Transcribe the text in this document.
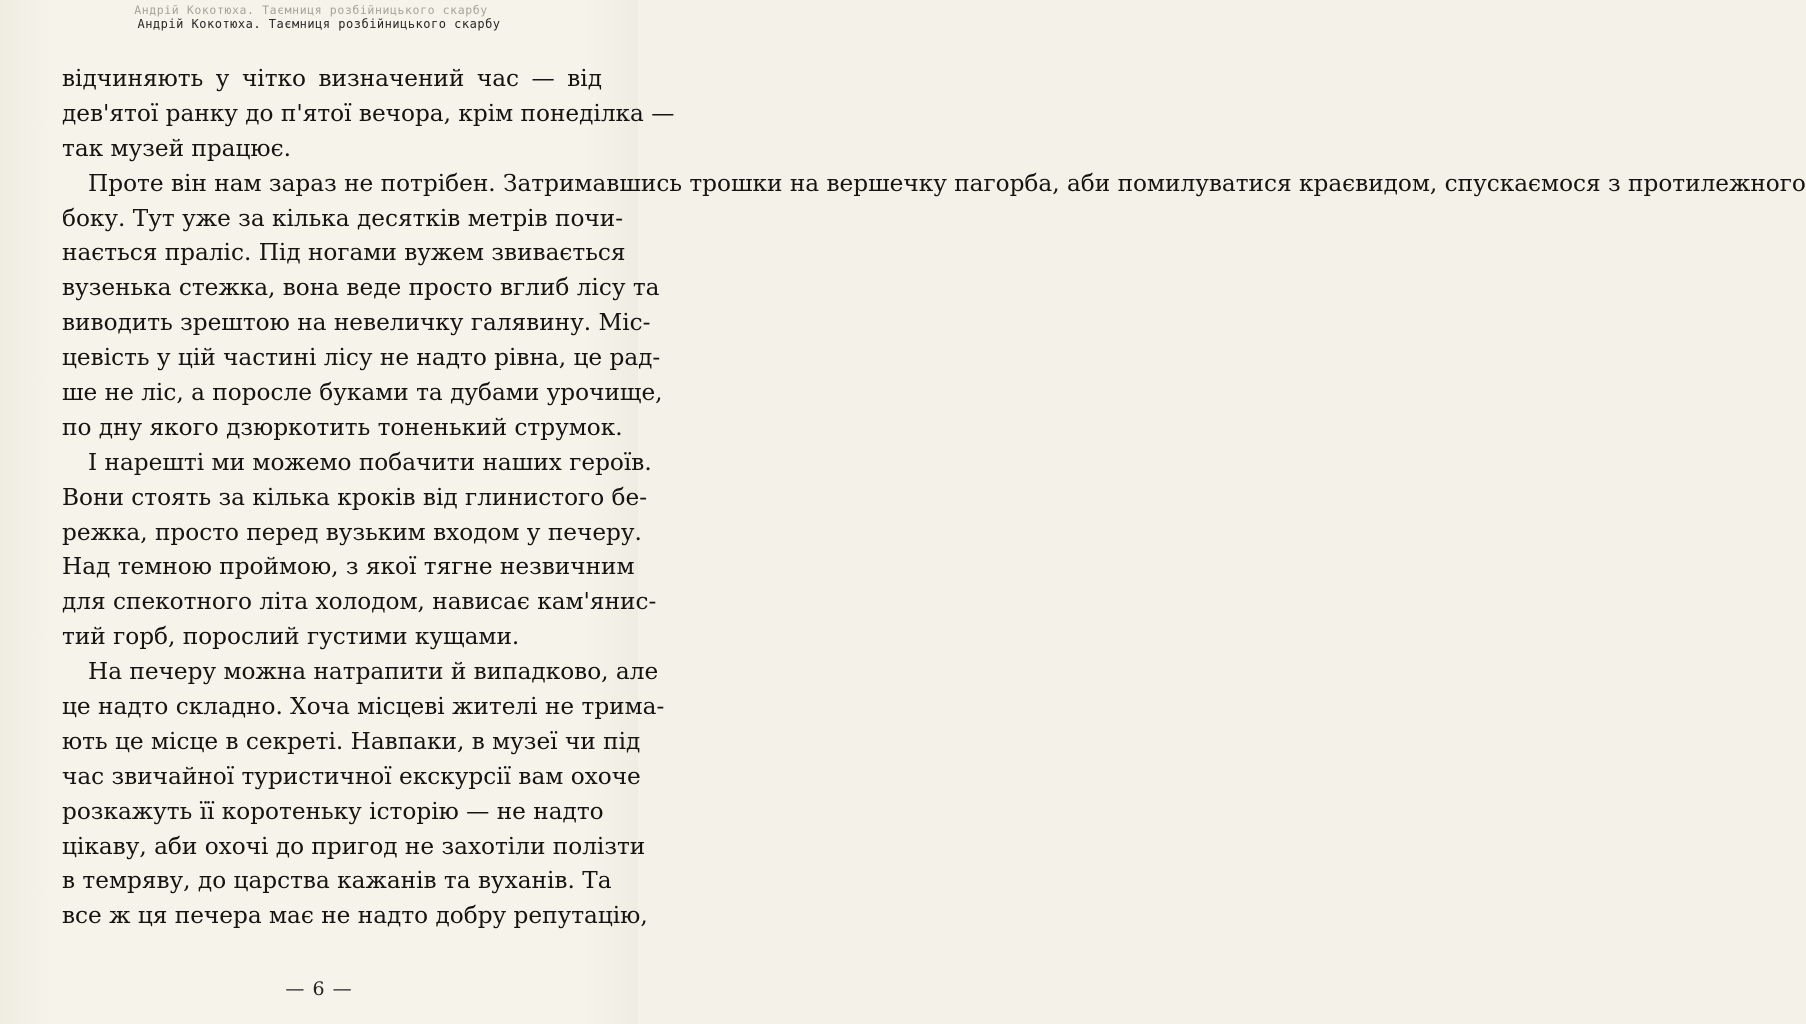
Андрій Кокотюха. Таємниця розбійницького скарбу
Андрій Кокотюха. Таємниця розбійницького скарбу
відчиняють у чітко визначений час — від
дев'ятої ранку до п'ятої вечора, крім понеділка —
так музей працює.
Проте він нам зараз не потрібен. Затримавшись трошки на вершечку пагорба, аби помилуватися краєвидом, спускаємося з протилежного
боку. Тут уже за кілька десятків метрів почи-
нається праліс. Під ногами вужем звивається
вузенька стежка, вона веде просто вглиб лісу та
виводить зрештою на невеличку галявину. Міс-
цевість у цій частині лісу не надто рівна, це рад-
ше не ліс, а поросле буками та дубами урочище,
по дну якого дзюркотить тоненький струмок.
І нарешті ми можемо побачити наших героїв.
Вони стоять за кілька кроків від глинистого бе-
режка, просто перед вузьким входом у печеру.
Над темною проймою, з якої тягне незвичним
для спекотного літа холодом, нависає кам'янис-
тий горб, порослий густими кущами.
На печеру можна натрапити й випадково, але
це надто складно. Хоча місцеві жителі не трима-
ють це місце в секреті. Навпаки, в музеї чи під
час звичайної туристичної екскурсії вам охоче
розкажуть її коротеньку історію — не надто
цікаву, аби охочі до пригод не захотіли полізти
в темряву, до царства кажанів та вуханів. Та
все ж ця печера має не надто добру репутацію,
— 6 —
